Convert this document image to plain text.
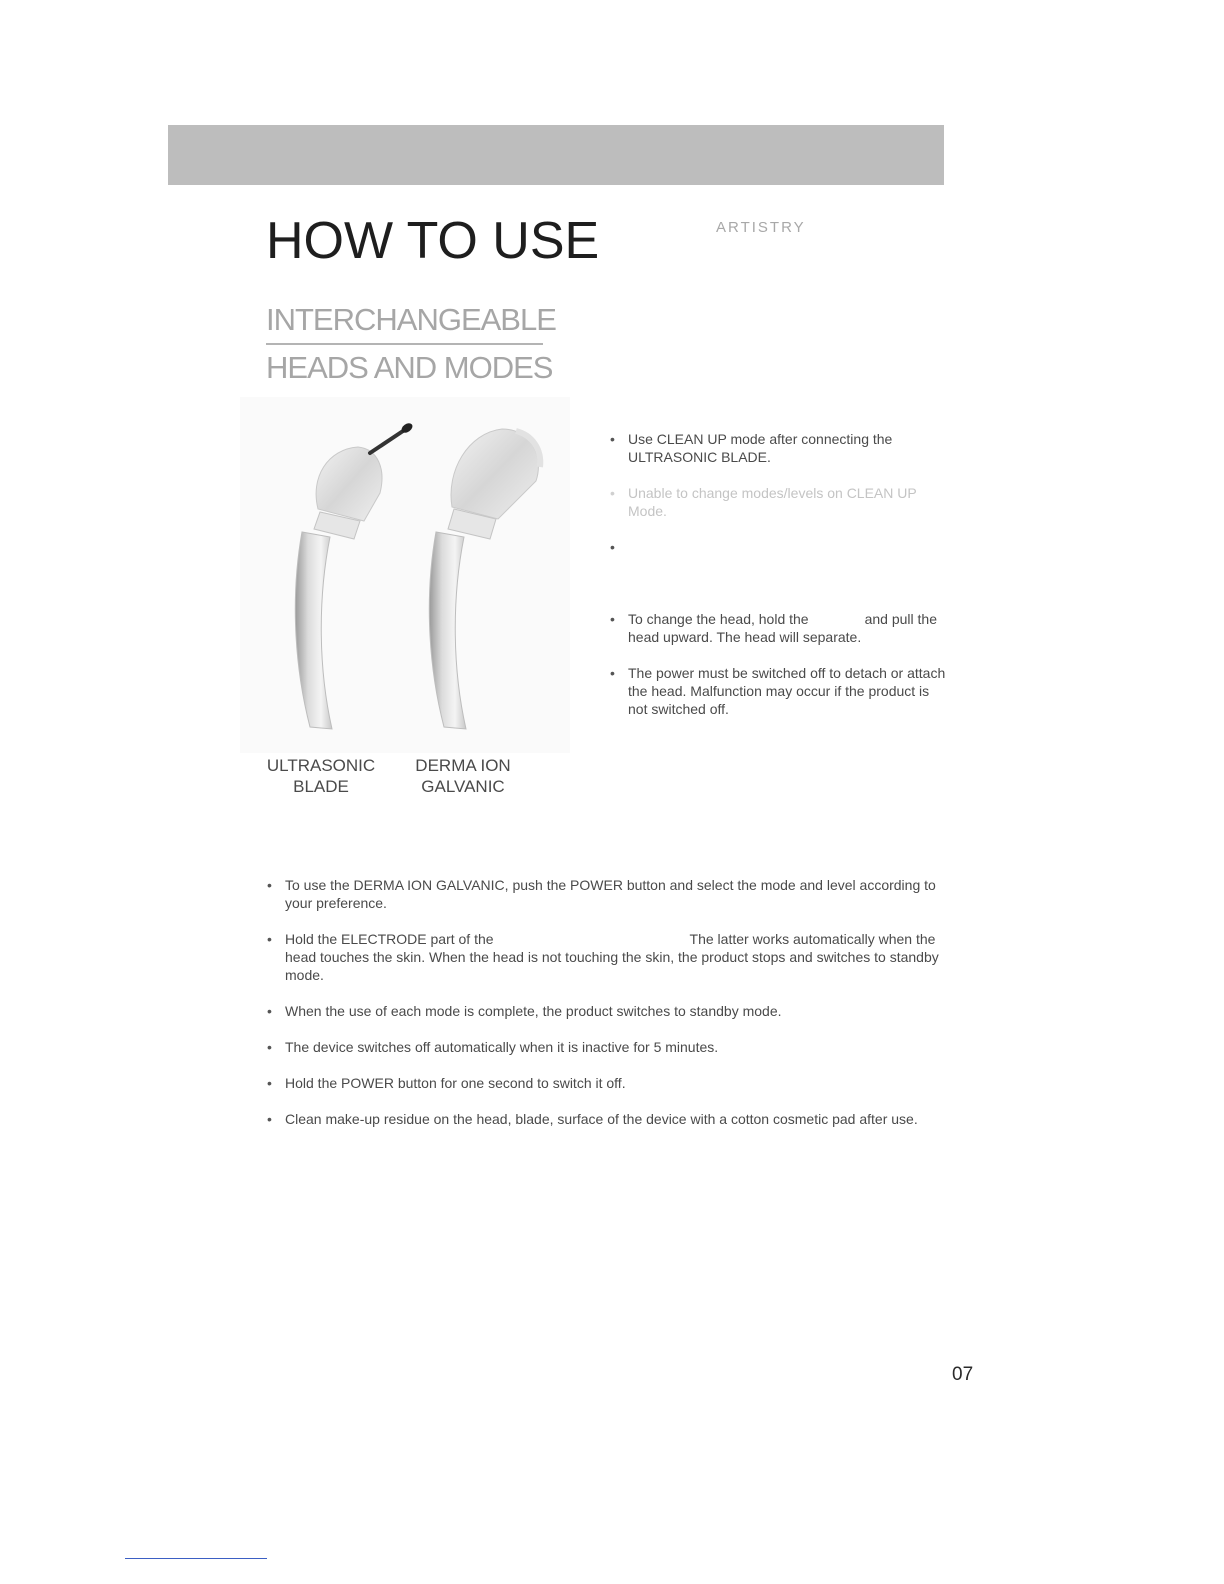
HOW TO USE	ARTISTRY
INTERCHANGEABLE
HEADS AND MODES
ULTRASONIC
BLADE
DERMA ION
GALVANIC
• Use CLEAN UP mode after connecting the ULTRASONIC BLADE.
• Unable to change modes/levels on CLEAN UP Mode.
•
• To change the head, hold the	and pull the head upward. The head will separate.
• The power must be switched off to detach or attach the head. Malfunction may occur if the product is not switched off.
• To use the DERMA ION GALVANIC, push the POWER button and select the mode and level according to your preference.
• Hold the ELECTRODE part of the	The latter works automatically when the head touches the skin. When the head is not touching the skin, the product stops and switches to standby mode.
• When the use of each mode is complete, the product switches to standby mode.
• The device switches off automatically when it is inactive for 5 minutes.
• Hold the POWER button for one second to switch it off.
• Clean make-up residue on the head, blade, surface of the device with a cotton cosmetic pad after use.
07
